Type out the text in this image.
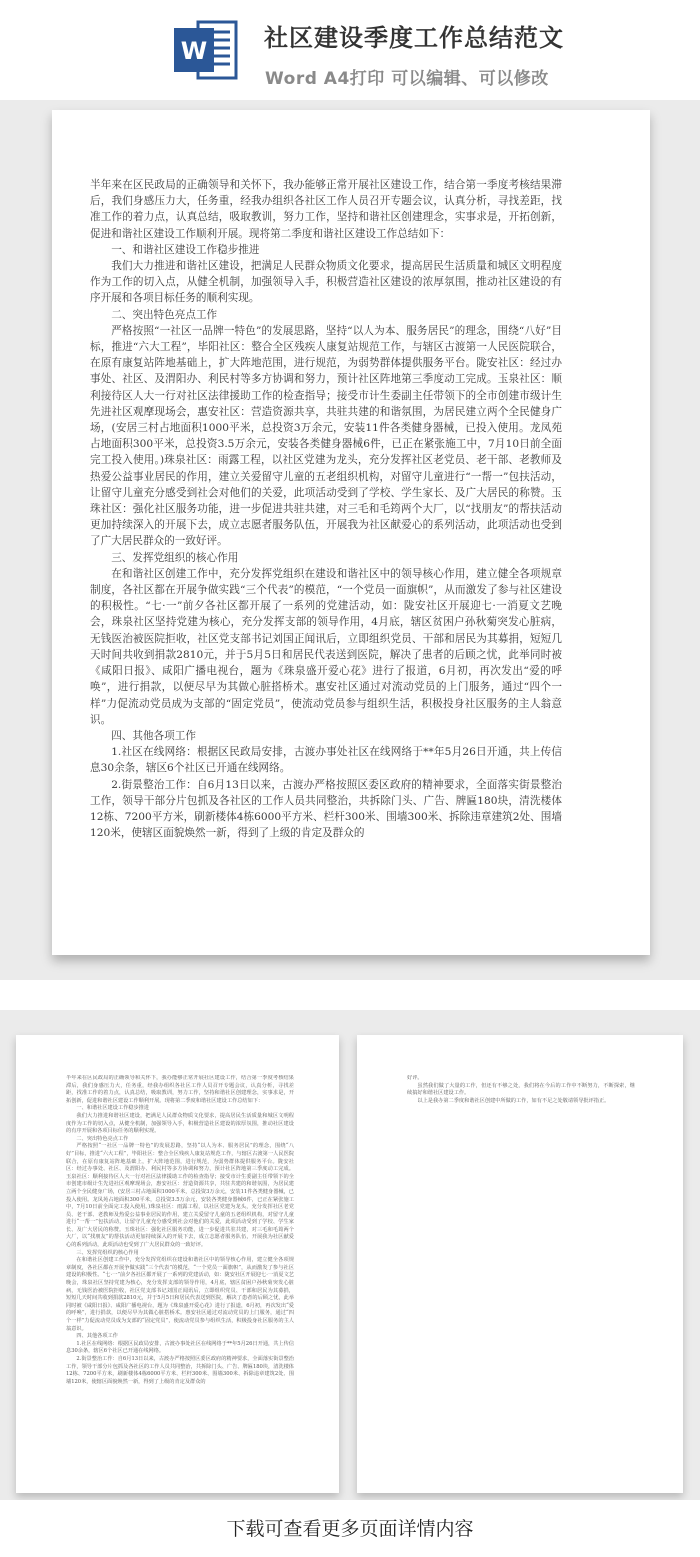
W 社区建设季度工作总结范文
Word A4打印 可以编辑、可以修改

半年来在区民政局的正确领导和关怀下，我办能够正常开展社区建设工作，结合第一季度考核结果滞后，我们身感压力大，任务重，经我办组织各社区工作人员召开专题会议，认真分析，寻找差距，找准工作的着力点，认真总结，吸取教训，努力工作，坚持和谐社区创建理念，实事求是，开拓创新，促进和谐社区建设工作顺利开展。现将第二季度和谐社区建设工作总结如下：

一、和谐社区建设工作稳步推进

我们大力推进和谐社区建设，把满足人民群众物质文化要求，提高居民生活质量和城区文明程度作为工作的切入点，从健全机制，加强领导入手，积极营造社区建设的浓厚氛围，推动社区建设的有序开展和各项目标任务的顺利实现。

二、突出特色亮点工作

严格按照“一社区一品牌一特色”的发展思路，坚持“以人为本、服务居民”的理念，围绕“八好”目标，推进“六大工程”，毕阳社区：整合全区残疾人康复站规范工作，与辖区古渡第一人民医院联合，在原有康复站阵地基础上，扩大阵地范围，进行规范，为弱势群体提供服务平台。陇安社区：经过办事处、社区、及渭阳办、利民村等多方协调和努力，预计社区阵地第三季度动工完成。玉泉社区：顺利接待区人大一行对社区法律援助工作的检查指导；接受市计生委副主任带领下的全市创建市级计生先进社区观摩现场会，惠安社区：营造资源共享，共驻共建的和谐氛围，为居民建立两个全民健身广场，(安居三村占地面积1000平米，总投资3万余元，安装11件各类健身器械，已投入使用。龙凤苑占地面积300平米，总投资3.5万余元，安装各类健身器械6件，已正在紧张施工中，7月10日前全面完工投入使用。)珠泉社区：雨露工程，以社区党建为龙头，充分发挥社区老党员、老干部、老教师及热爱公益事业居民的作用，建立关爱留守儿童的五老组织机构，对留守儿童进行“一帮一”包扶活动，让留守儿童充分感受到社会对他们的关爱，此项活动受到了学校、学生家长、及广大居民的称赞。玉珠社区：强化社区服务功能，进一步促进共驻共建，对三毛和毛筠两个大厂，以“找朋友”的帮扶活动更加持续深入的开展下去，成立志愿者服务队伍，开展我为社区献爱心的系列活动，此项活动也受到了广大居民群众的一致好评。

三、发挥党组织的核心作用

在和谐社区创建工作中，充分发挥党组织在建设和谐社区中的领导核心作用，建立健全各项规章制度，各社区都在开展争做实践“三个代表”的模范，“一个党员一面旗帜”，从而激发了参与社区建设的积极性。“七·一”前夕各社区都开展了一系列的党建活动，如：陇安社区开展迎七·一消夏文艺晚会，珠泉社区坚持党建为核心，充分发挥支部的领导作用，4月底，辖区贫困户孙秋菊突发心脏病，无钱医治被医院拒收，社区党支部书记刘国正闻讯后，立即组织党员、干部和居民为其募捐，短短几天时间共收到捐款2810元，并于5月5日和居民代表送到医院，解决了患者的后顾之忧，此举同时被《咸阳日报》、咸阳广播电视台，题为《珠泉盛开爱心花》进行了报道，6月初，再次发出“爱的呼唤”，进行捐款，以便尽早为其做心脏搭桥术。惠安社区通过对流动党员的上门服务，通过“四个一样”力促流动党员成为支部的“固定党员”，使流动党员参与组织生活，积极投身社区服务的主人翁意识。

四、其他各项工作

1.社区在线网络：根据区民政局安排，古渡办事处社区在线网络于**年5月26日开通，共上传信息30余条，辖区6个社区已开通在线网络。

2.街景整治工作：自6月13日以来，古渡办严格按照区委区政府的精神要求，全面落实街景整治工作，领导干部分片包抓及各社区的工作人员共同整治，共拆除门头、广告、牌匾180块，清洗楼体12栋、7200平方米，刷新楼体4栋6000平方米、栏杆300米、围墙300米、拆除违章建筑2处、围墙120米，使辖区面貌焕然一新，得到了上级的肯定及群众的

半年来在区民政局的正确领导和关怀下，我办能够正常开展社区建设工作，结合第一季度考核结果滞后，我们身感压力大，任务重，经我办组织各社区工作人员召开专题会议，认真分析，寻找差距，找准工作的着力点，认真总结，吸取教训，努力工作，坚持和谐社区创建理念，实事求是，开拓创新，促进和谐社区建设工作顺利开展。现将第二季度和谐社区建设工作总结如下：

一、和谐社区建设工作稳步推进

我们大力推进和谐社区建设，把满足人民群众物质文化要求，提高居民生活质量和城区文明程度作为工作的切入点，从健全机制，加强领导入手，积极营造社区建设的浓厚氛围，推动社区建设的有序开展和各项目标任务的顺利实现。

二、突出特色亮点工作

严格按照“一社区一品牌一特色”的发展思路，坚持“以人为本、服务居民”的理念，围绕“八好”目标，推进“六大工程”，毕阳社区：整合全区残疾人康复站规范工作，与辖区古渡第一人民医院联合，在原有康复站阵地基础上，扩大阵地范围，进行规范，为弱势群体提供服务平台。陇安社区：经过办事处、社区、及渭阳办、利民村等多方协调和努力，预计社区阵地第三季度动工完成。玉泉社区：顺利接待区人大一行对社区法律援助工作的检查指导；接受市计生委副主任带领下的全市创建市级计生先进社区观摩现场会，惠安社区：营造资源共享，共驻共建的和谐氛围，为居民建立两个全民健身广场，(安居三村占地面积1000平米，总投资3万余元，安装11件各类健身器械，已投入使用。龙凤苑占地面积300平米，总投资3.5万余元，安装各类健身器械6件，已正在紧张施工中，7月10日前全面完工投入使用。)珠泉社区：雨露工程，以社区党建为龙头，充分发挥社区老党员、老干部、老教师及热爱公益事业居民的作用，建立关爱留守儿童的五老组织机构，对留守儿童进行“一帮一”包扶活动，让留守儿童充分感受到社会对他们的关爱，此项活动受到了学校、学生家长、及广大居民的称赞。玉珠社区：强化社区服务功能，进一步促进共驻共建，对三毛和毛筠两个大厂，以“找朋友”的帮扶活动更加持续深入的开展下去，成立志愿者服务队伍，开展我为社区献爱心的系列活动，此项活动也受到了广大居民群众的一致好评。

三、发挥党组织的核心作用

在和谐社区创建工作中，充分发挥党组织在建设和谐社区中的领导核心作用，建立健全各项规章制度，各社区都在开展争做实践“三个代表”的模范，“一个党员一面旗帜”，从而激发了参与社区建设的积极性。“七·一”前夕各社区都开展了一系列的党建活动，如：陇安社区开展迎七·一消夏文艺晚会，珠泉社区坚持党建为核心，充分发挥支部的领导作用，4月底，辖区贫困户孙秋菊突发心脏病，无钱医治被医院拒收，社区党支部书记刘国正闻讯后，立即组织党员、干部和居民为其募捐，短短几天时间共收到捐款2810元，并于5月5日和居民代表送到医院，解决了患者的后顾之忧，此举同时被《咸阳日报》、咸阳广播电视台，题为《珠泉盛开爱心花》进行了报道，6月初，再次发出“爱的呼唤”，进行捐款，以便尽早为其做心脏搭桥术。惠安社区通过对流动党员的上门服务，通过“四个一样”力促流动党员成为支部的“固定党员”，使流动党员参与组织生活，积极投身社区服务的主人翁意识。

四、其他各项工作

1.社区在线网络：根据区民政局安排，古渡办事处社区在线网络于**年5月26日开通，共上传信息30余条，辖区6个社区已开通在线网络。

2.街景整治工作：自6月13日以来，古渡办严格按照区委区政府的精神要求，全面落实街景整治工作，领导干部分片包抓及各社区的工作人员共同整治，共拆除门头、广告、牌匾180块，清洗楼体12栋、7200平方米，刷新楼体4栋6000平方米、栏杆300米、围墙300米、拆除违章建筑2处、围墙120米，使辖区面貌焕然一新，得到了上级的肯定及群众的

好评。

虽然我们做了大量的工作，但还有不够之处，我们将在今后的工作中不断努力，不断探索，继续搞好和谐社区建设工作。

以上是我办第二季度和谐社区创建中所做的工作，如有不足之处敬请领导批评指正。

下载可查看更多页面详情内容
